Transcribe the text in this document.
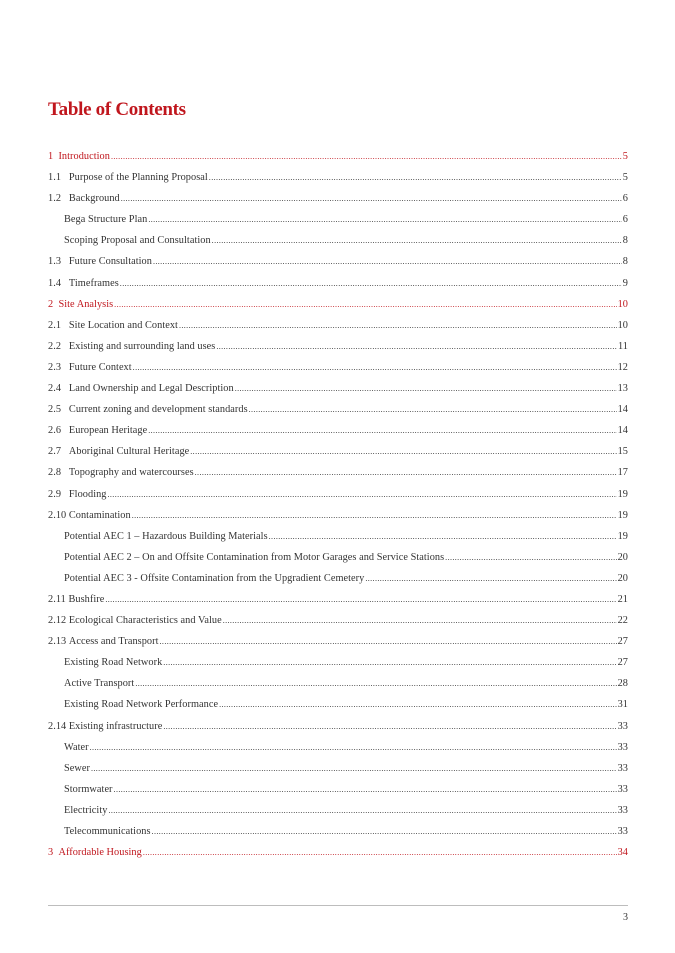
Table of Contents
1 Introduction .....	5
1.1 Purpose of the Planning Proposal .....	5
1.2 Background .....	6
Bega Structure Plan .....	6
Scoping Proposal and Consultation .....	8
1.3 Future Consultation .....	8
1.4 Timeframes .....	9
2 Site Analysis .....	10
2.1 Site Location and Context .....	10
2.2 Existing and surrounding land uses .....	11
2.3 Future Context .....	12
2.4 Land Ownership and Legal Description .....	13
2.5 Current zoning and development standards .....	14
2.6 European Heritage .....	14
2.7 Aboriginal Cultural Heritage .....	15
2.8 Topography and watercourses .....	17
2.9 Flooding .....	19
2.10 Contamination .....	19
Potential AEC 1 – Hazardous Building Materials .....	19
Potential AEC 2 – On and Offsite Contamination from Motor Garages and Service Stations .....	20
Potential AEC 3 - Offsite Contamination from the Upgradient Cemetery .....	20
2.11 Bushfire .....	21
2.12 Ecological Characteristics and Value .....	22
2.13 Access and Transport .....	27
Existing Road Network .....	27
Active Transport .....	28
Existing Road Network Performance .....	31
2.14 Existing infrastructure .....	33
Water .....	33
Sewer .....	33
Stormwater .....	33
Electricity .....	33
Telecommunications .....	33
3 Affordable Housing .....	34
3
